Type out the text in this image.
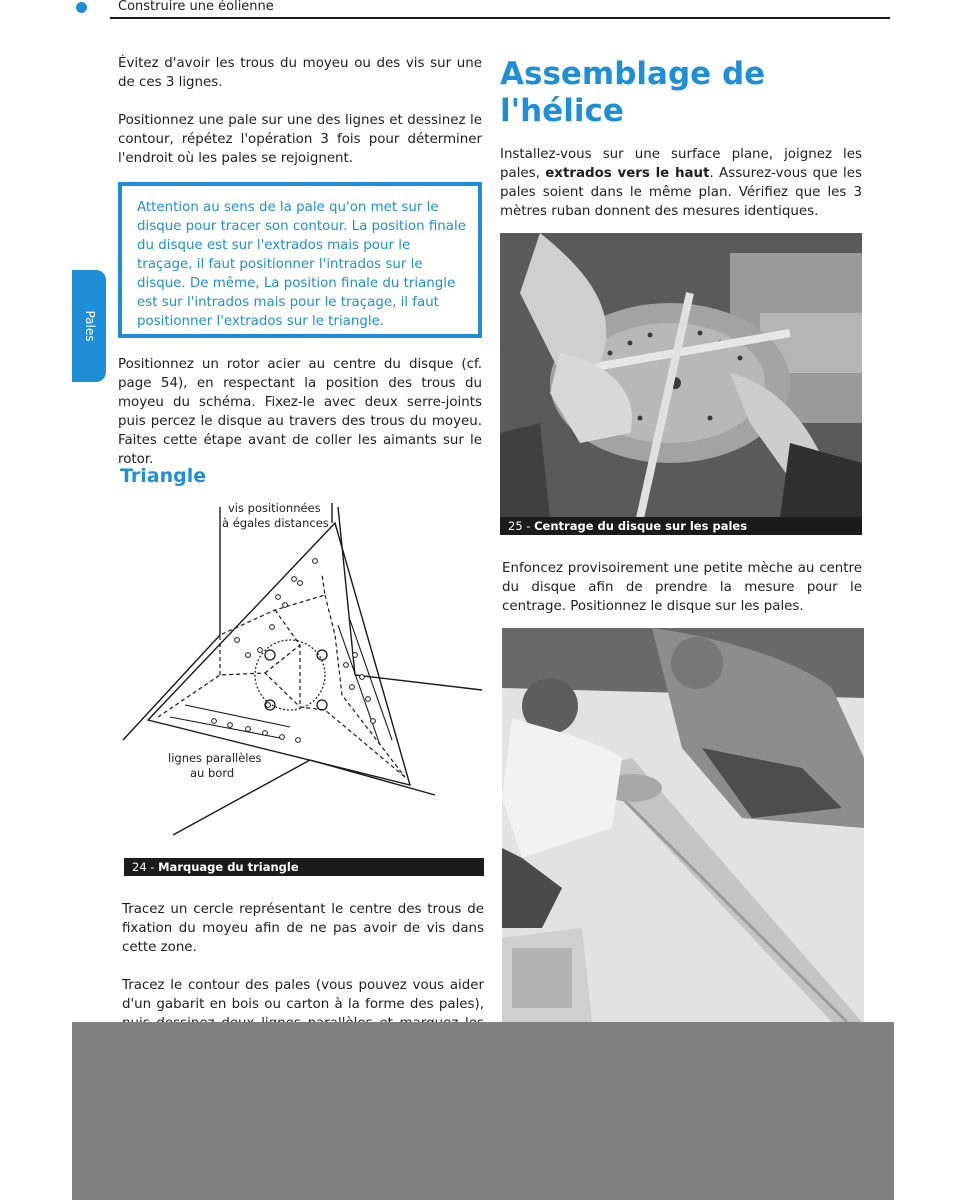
Construire une éolienne
Pales

Évitez d'avoir les trous du moyeu ou des vis sur une de ces 3 lignes.

Positionnez une pale sur une des lignes et dessinez le contour, répétez l'opération 3 fois pour déterminer l'endroit où les pales se rejoignent.

Attention au sens de la pale qu'on met sur le disque pour tracer son contour. La position finale du disque est sur l'extrados mais pour le traçage, il faut positionner l'intrados sur le disque. De même, La position finale du triangle est sur l'intrados mais pour le traçage, il faut positionner l'extrados sur le triangle.

Positionnez un rotor acier au centre du disque (cf. page 54), en respectant la position des trous du moyeu du schéma. Fixez-le avec deux serre-joints puis percez le disque au travers des trous du moyeu. Faites cette étape avant de coller les aimants sur le rotor.

Triangle
vis positionnées
à égales distances
lignes parallèles
au bord
24 - Marquage du triangle

Tracez un cercle représentant le centre des trous de fixation du moyeu afin de ne pas avoir de vis dans cette zone.

Tracez le contour des pales (vous pouvez vous aider d'un gabarit en bois ou carton à la forme des pales),

Assemblage de
l'hélice

Installez-vous sur une surface plane, joignez les pales, extrados vers le haut. Assurez-vous que les pales soient dans le même plan. Vérifiez que les 3 mètres ruban donnent des mesures identiques.

25 - Centrage du disque sur les pales

Enfoncez provisoirement une petite mèche au centre du disque afin de prendre la mesure pour le centrage. Positionnez le disque sur les pales.
